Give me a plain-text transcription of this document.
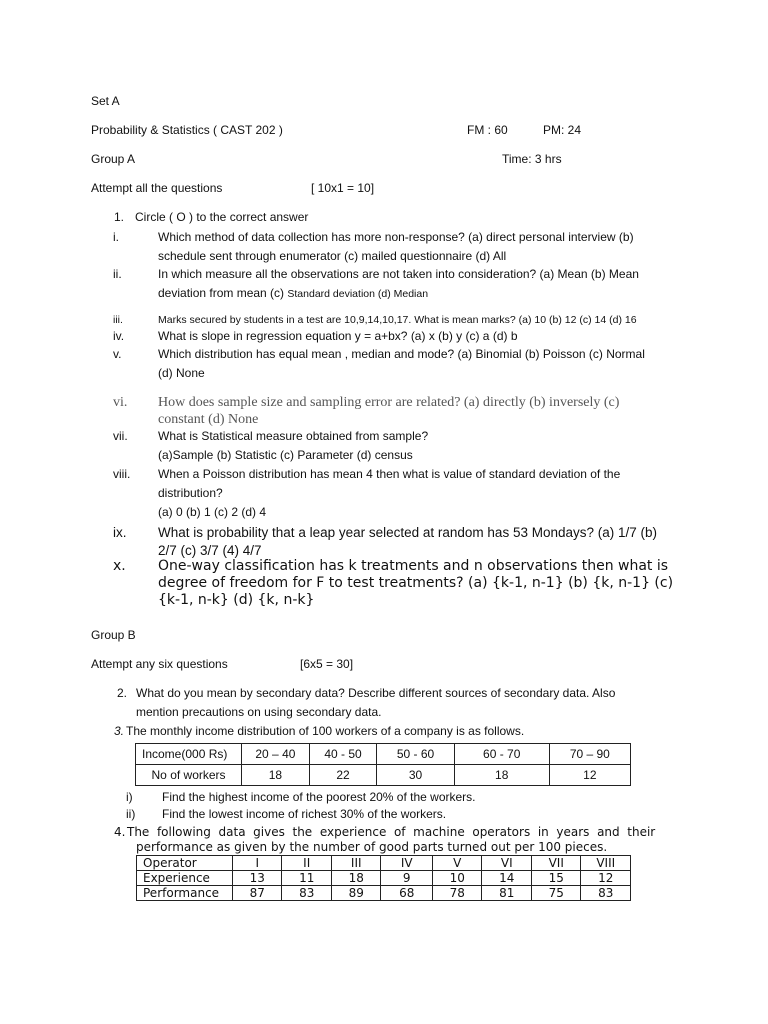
Set A
Probability & Statistics ( CAST 202 )	FM : 60	PM: 24
Group A	Time: 3 hrs
Attempt all the questions	[ 10x1 = 10]
1. Circle ( O ) to the correct answer
i.	Which method of data collection has more non-response? (a) direct personal interview (b)
schedule sent through enumerator (c) mailed questionnaire (d) All
ii.	In which measure all the observations are not taken into consideration? (a) Mean (b) Mean
deviation from mean (c) Standard deviation (d) Median
iii.	Marks secured by students in a test are 10,9,14,10,17. What is mean marks? (a) 10 (b) 12 (c) 14 (d) 16
iv.	What is slope in regression equation y = a+bx? (a) x (b) y (c) a (d) b
v.	Which distribution has equal mean , median and mode? (a) Binomial (b) Poisson (c) Normal
(d) None
vi. How does sample size and sampling error are related? (a) directly (b) inversely (c)
constant (d) None
vii.	What is Statistical measure obtained from sample?
(a)Sample (b) Statistic (c) Parameter (d) census
viii. When a Poisson distribution has mean 4 then what is value of standard deviation of the
distribution?
(a) 0 (b) 1 (c) 2 (d) 4
ix. What is probability that a leap year selected at random has 53 Mondays? (a) 1/7 (b)
2/7 (c) 3/7 (4) 4/7
x. One-way classification has k treatments and n observations then what is
degree of freedom for F to test treatments? (a) {k-1, n-1} (b) {k, n-1} (c)
{k-1, n-k} (d) {k, n-k}
Group B
Attempt any six questions	[6x5 = 30]
2. What do you mean by secondary data? Describe different sources of secondary data. Also
mention precautions on using secondary data.
3. The monthly income distribution of 100 workers of a company is as follows.
Income(000 Rs)	20 – 40	40 - 50	50 - 60	60 - 70	70 – 90
No of workers	18	22	30	18	12
i) Find the highest income of the poorest 20% of the workers.
ii) Find the lowest income of richest 30% of the workers.
4. The  following  data  gives  the  experience  of  machine  operators  in  years  and  their
performance as given by the number of good parts turned out per 100 pieces.
Operator	I	II	III	IV	V	VI	VII	VIII
Experience	13	11	18	9	10	14	15	12
Performance	87	83	89	68	78	81	75	83
